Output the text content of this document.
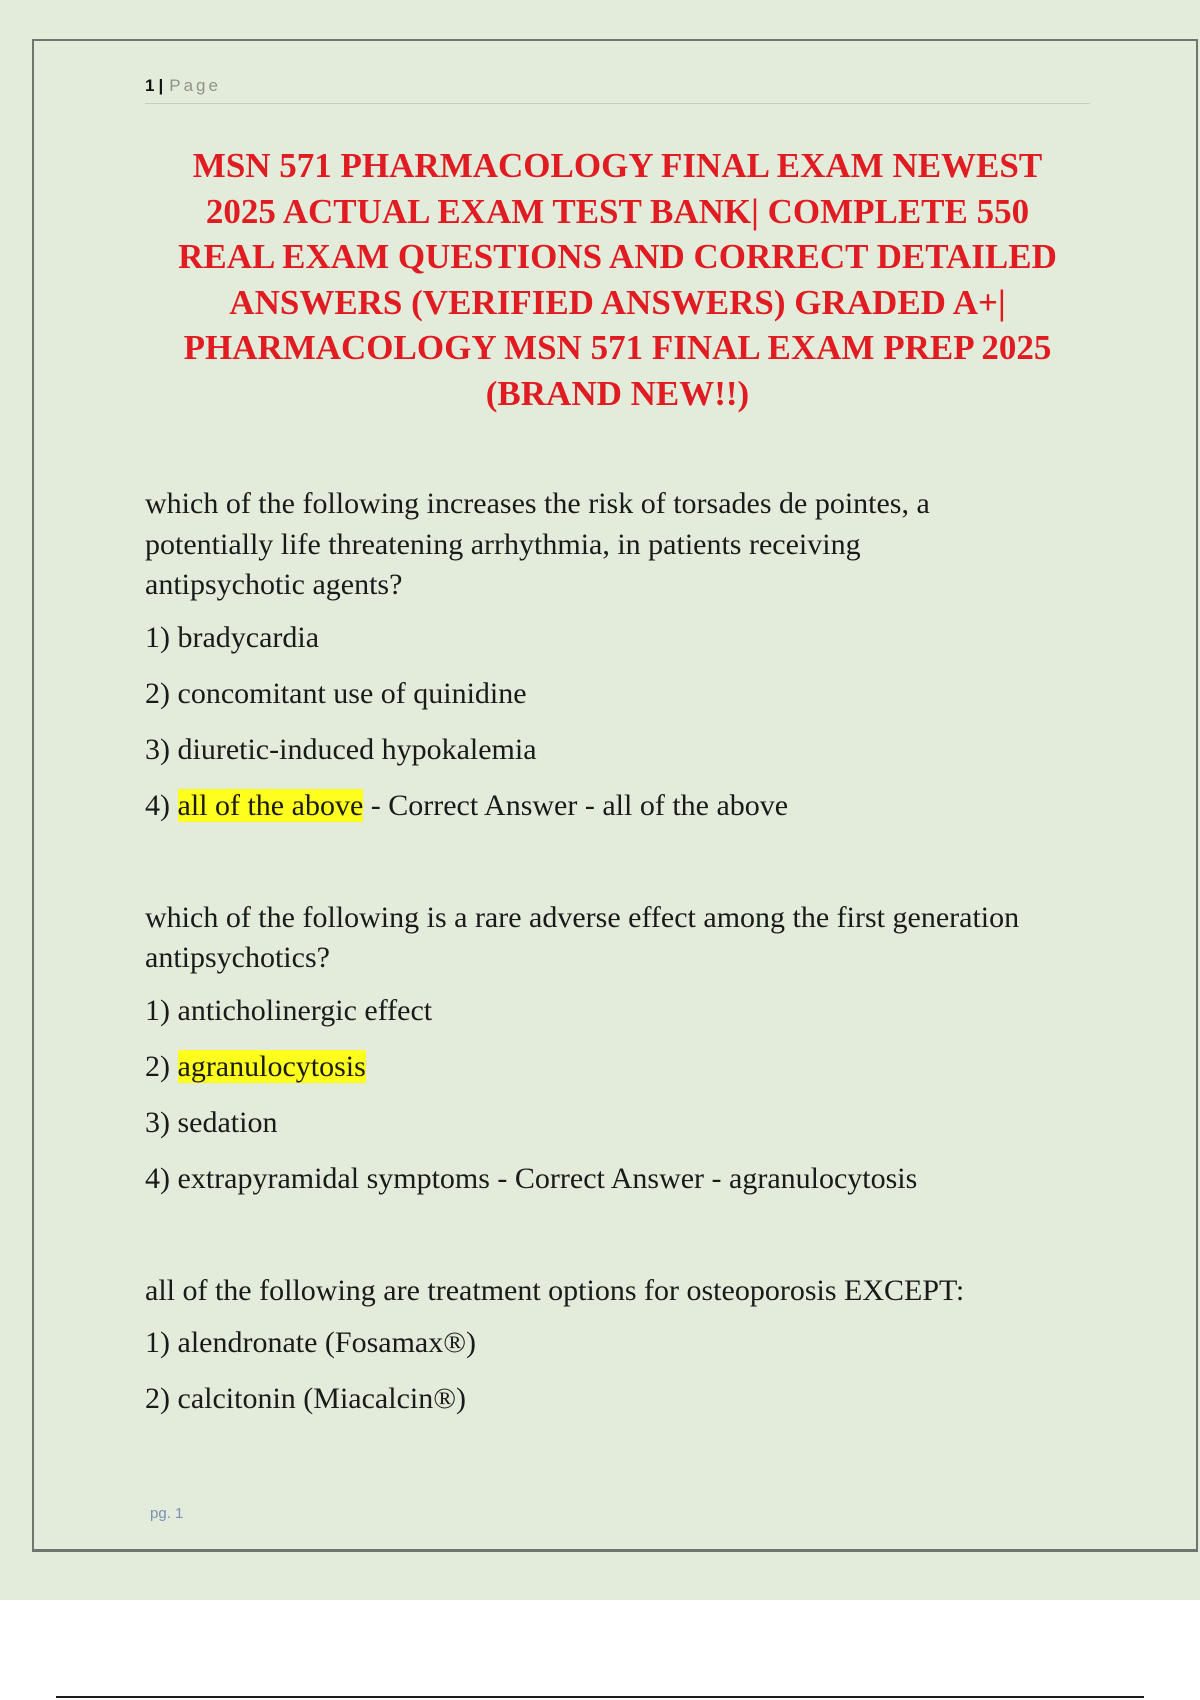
1 | Page
MSN 571 PHARMACOLOGY FINAL EXAM NEWEST
2025 ACTUAL EXAM TEST BANK| COMPLETE 550
REAL EXAM QUESTIONS AND CORRECT DETAILED
ANSWERS (VERIFIED ANSWERS) GRADED A+|
PHARMACOLOGY MSN 571 FINAL EXAM PREP 2025
(BRAND NEW!!)
which of the following increases the risk of torsades de pointes, a
potentially life threatening arrhythmia, in patients receiving
antipsychotic agents?
1) bradycardia
2) concomitant use of quinidine
3) diuretic-induced hypokalemia
4) all of the above - Correct Answer - all of the above
which of the following is a rare adverse effect among the first generation
antipsychotics?
1) anticholinergic effect
2) agranulocytosis
3) sedation
4) extrapyramidal symptoms - Correct Answer - agranulocytosis
all of the following are treatment options for osteoporosis EXCEPT:
1) alendronate (Fosamax®)
2) calcitonin (Miacalcin®)
pg. 1
